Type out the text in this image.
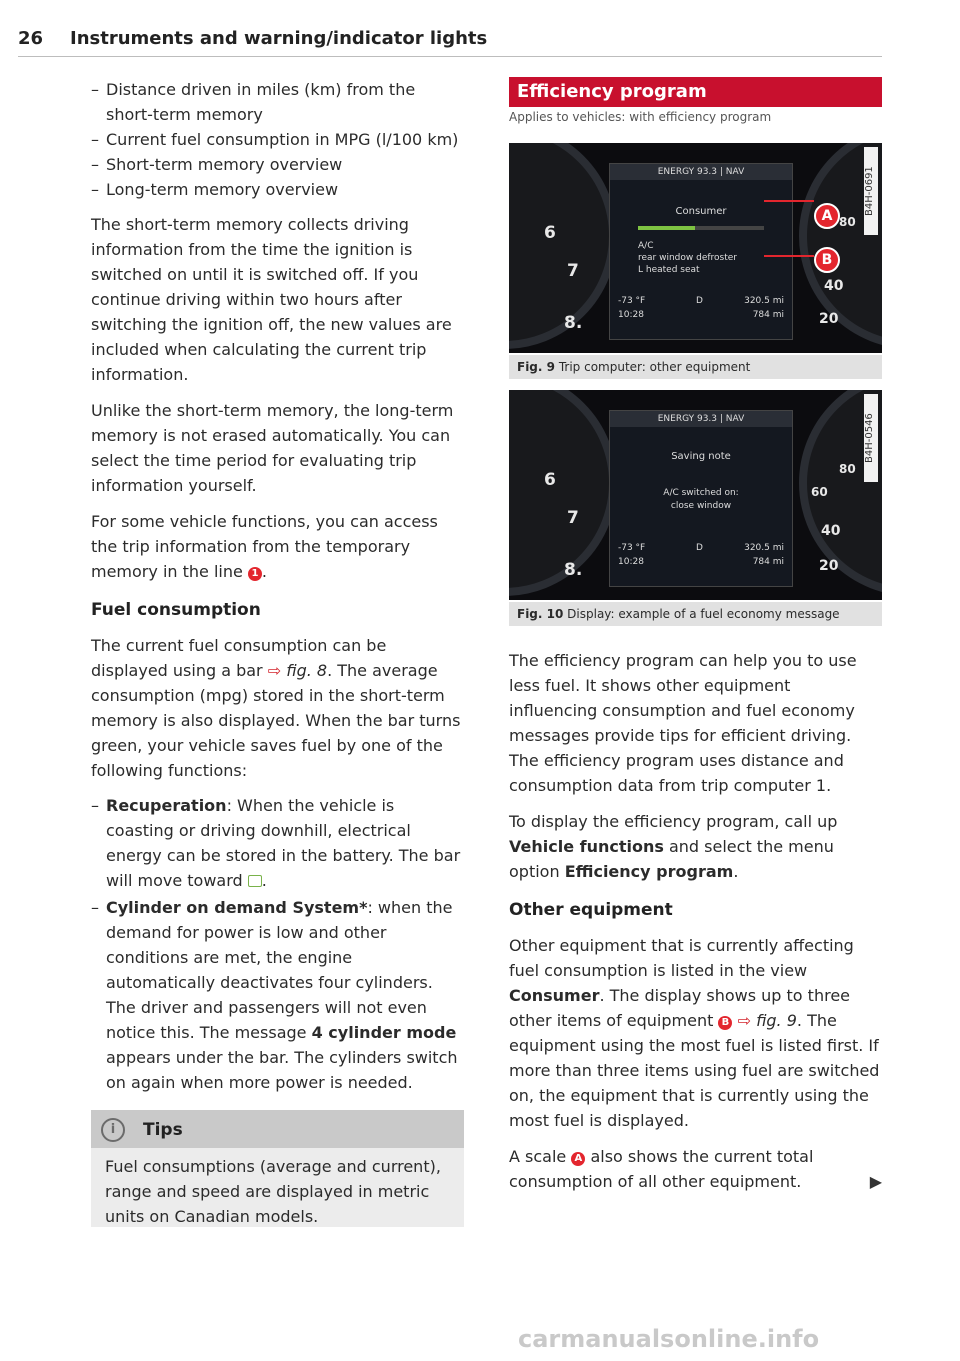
26 Instruments and warning/indicator lights
– Distance driven in miles (km) from the short-term memory
– Current fuel consumption in MPG (l/100 km)
– Short-term memory overview
– Long-term memory overview

The short-term memory collects driving information from the time the ignition is switched on until it is switched off. If you continue driving within two hours after switching the ignition off, the new values are included when calculating the current trip information.

Unlike the short-term memory, the long-term memory is not erased automatically. You can select the time period for evaluating trip information yourself.

For some vehicle functions, you can access the trip information from the temporary memory in the line 1 .

Fuel consumption

The current fuel consumption can be displayed using a bar ⇨ fig. 8. The average consumption (mpg) stored in the short-term memory is also displayed. When the bar turns green, your vehicle saves fuel by one of the following functions:

– Recuperation: When the vehicle is coasting or driving downhill, electrical energy can be stored in the battery. The bar will move toward .
– Cylinder on demand System*: when the demand for power is low and other conditions are met, the engine automatically deactivates four cylinders. The driver and passengers will not even notice this. The message 4 cylinder mode appears under the bar. The cylinders switch on again when more power is needed.
i	Tips
Fuel consumptions (average and current), range and speed are displayed in metric units on Canadian models.
Efficiency program
Applies to vehicles: with efficiency program
6
7
8.
80
40
20
ENERGY 93.3 | NAV
Consumer
A/C
rear window defroster
L heated seat
-73 °F	D	320.5 mi
10:28	784 mi
A
B
B4H-0691
Fig. 9 Trip computer: other equipment
6
7
8.
80
60
40
20
ENERGY 93.3 | NAV
Saving note
A/C switched on:
close window
-73 °F	D	320.5 mi
10:28	784 mi
B4H-0546
Fig. 10 Display: example of a fuel economy message

The efficiency program can help you to use less fuel. It shows other equipment influencing consumption and fuel economy messages provide tips for efficient driving. The efficiency program uses distance and consumption data from trip computer 1.

To display the efficiency program, call up Vehicle functions and select the menu option Efficiency program.

Other equipment

Other equipment that is currently affecting fuel consumption is listed in the view Consumer. The display shows up to three other items of equipment B ⇨ fig. 9. The equipment using the most fuel is listed first. If more than three items using fuel are switched on, the equipment that is currently using the most fuel is displayed.

A scale A also shows the current total consumption of all other equipment.	▶

carmanualsonline.info
